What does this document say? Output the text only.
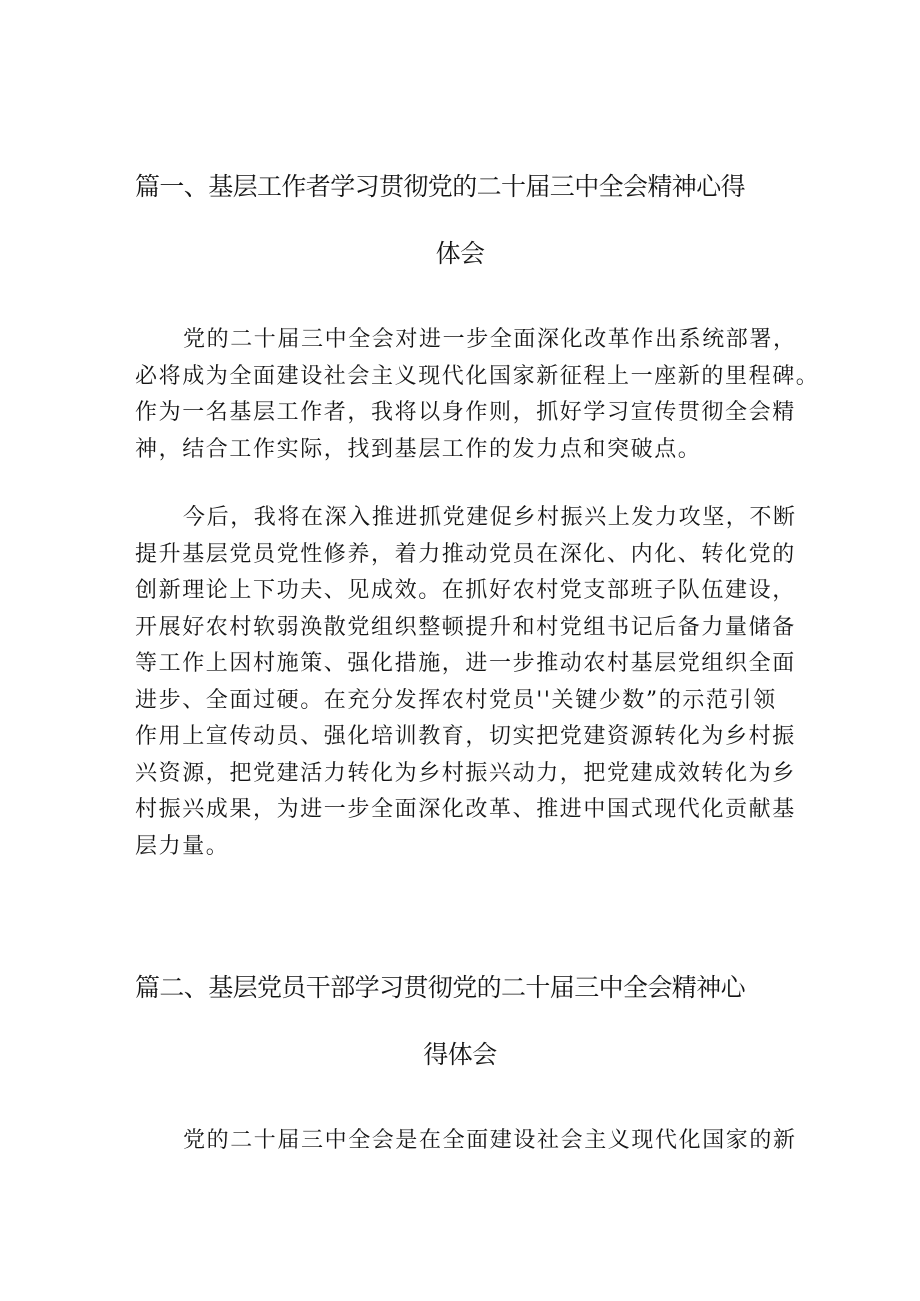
篇一、基层工作者学习贯彻党的二十届三中全会精神心得
体会

党的二十届三中全会对进一步全面深化改革作出系统部署，
必将成为全面建设社会主义现代化国家新征程上一座新的里程碑。
作为一名基层工作者，我将以身作则，抓好学习宣传贯彻全会精
神，结合工作实际，找到基层工作的发力点和突破点。

今后，我将在深入推进抓党建促乡村振兴上发力攻坚，不断
提升基层党员党性修养，着力推动党员在深化、内化、转化党的
创新理论上下功夫、见成效。在抓好农村党支部班子队伍建设，
开展好农村软弱涣散党组织整顿提升和村党组书记后备力量储备
等工作上因村施策、强化措施，进一步推动农村基层党组织全面
进步、全面过硬。在充分发挥农村党员''关键少数”的示范引领
作用上宣传动员、强化培训教育，切实把党建资源转化为乡村振
兴资源，把党建活力转化为乡村振兴动力，把党建成效转化为乡
村振兴成果，为进一步全面深化改革、推进中国式现代化贡献基
层力量。

篇二、基层党员干部学习贯彻党的二十届三中全会精神心
得体会

党的二十届三中全会是在全面建设社会主义现代化国家的新
